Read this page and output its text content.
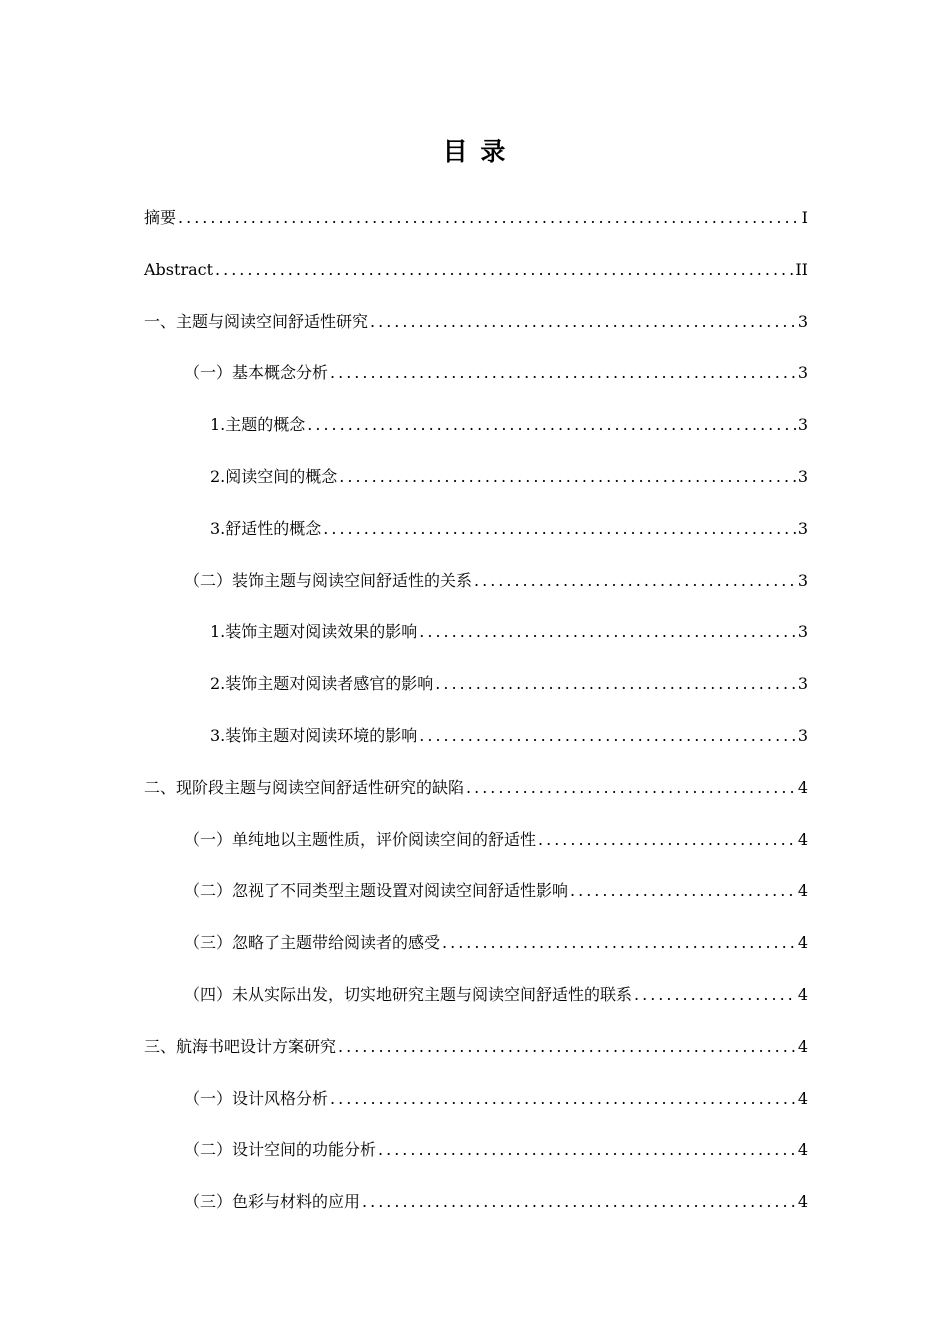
目 录
摘要 .....	I
Abstract .....	II
一、主题与阅读空间舒适性研究 .....	3
（一）基本概念分析 .....	3
1.主题的概念 .....	3
2.阅读空间的概念 .....	3
3.舒适性的概念 .....	3
（二）装饰主题与阅读空间舒适性的关系 .....	3
1.装饰主题对阅读效果的影响 .....	3
2.装饰主题对阅读者感官的影响 .....	3
3.装饰主题对阅读环境的影响 .....	3
二、现阶段主题与阅读空间舒适性研究的缺陷 .....	4
（一）单纯地以主题性质，评价阅读空间的舒适性 .....	4
（二）忽视了不同类型主题设置对阅读空间舒适性影响 .....	4
（三）忽略了主题带给阅读者的感受 .....	4
（四）未从实际出发，切实地研究主题与阅读空间舒适性的联系 .....	4
三、航海书吧设计方案研究 .....	4
（一）设计风格分析 .....	4
（二）设计空间的功能分析 .....	4
（三）色彩与材料的应用 .....	4
